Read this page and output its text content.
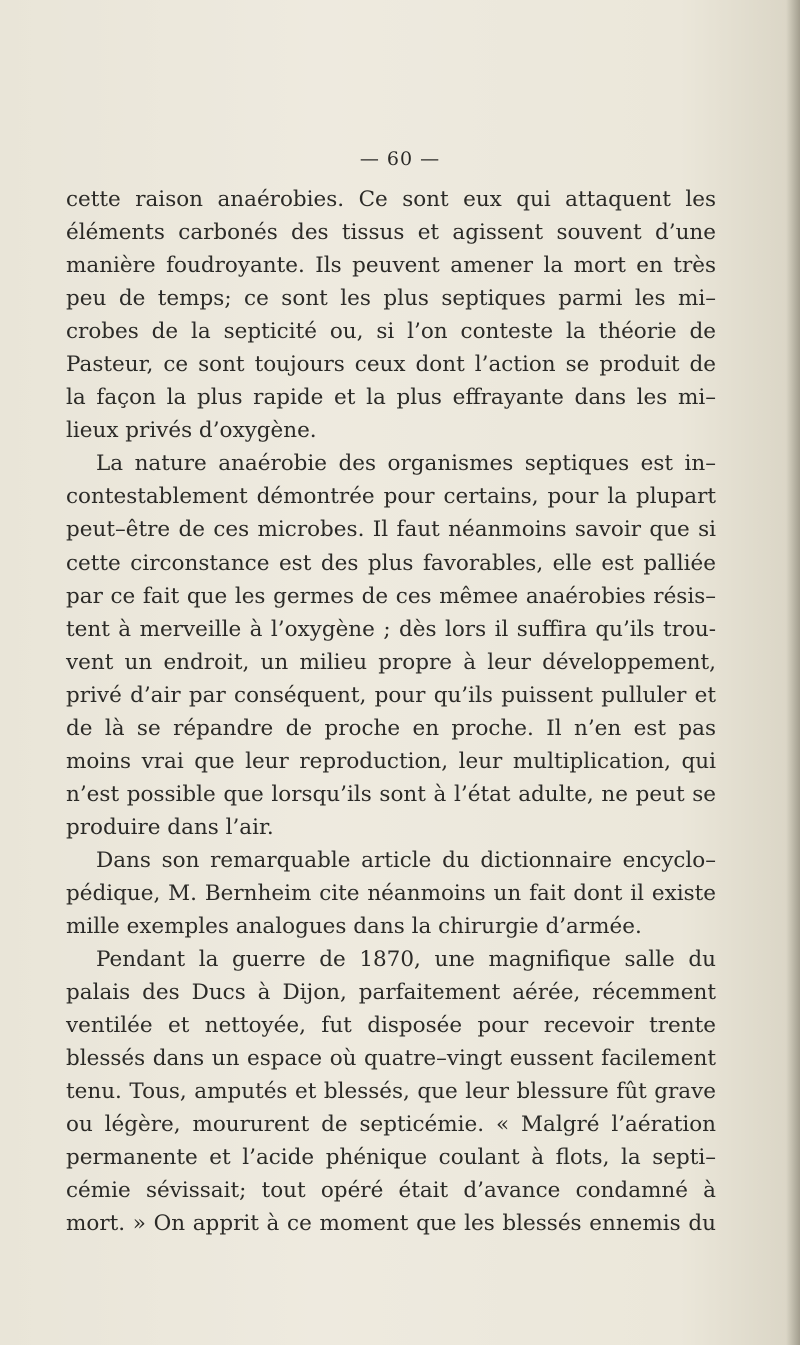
— 60 —
cette raison anaérobies. Ce sont eux qui attaquent les
éléments carbonés des tissus et agissent souvent d’une
manière foudroyante. Ils peuvent amener la mort en très
peu de temps; ce sont les plus septiques parmi les mi–
crobes de la septicité ou, si l’on conteste la théorie de
Pasteur, ce sont toujours ceux dont l’action se produit de
la façon la plus rapide et la plus effrayante dans les mi–
lieux privés d’oxygène.
La nature anaérobie des organismes septiques est in–
contestablement démontrée pour certains, pour la plupart
peut–être de ces microbes. Il faut néanmoins savoir que si
cette circonstance est des plus favorables, elle est palliée
par ce fait que les germes de ces mêmee anaérobies résis–
tent à merveille à l’oxygène ; dès lors il suffira qu’ils trou-
vent un endroit, un milieu propre à leur développement,
privé d’air par conséquent, pour qu’ils puissent pulluler et
de là se répandre de proche en proche. Il n’en est pas
moins vrai que leur reproduction, leur multiplication, qui
n’est possible que lorsqu’ils sont à l’état adulte, ne peut se
produire dans l’air.
Dans son remarquable article du dictionnaire encyclo–
pédique, M. Bernheim cite néanmoins un fait dont il existe
mille exemples analogues dans la chirurgie d’armée.
Pendant la guerre de 1870, une magnifique salle du
palais des Ducs à Dijon, parfaitement aérée, récemment
ventilée et nettoyée, fut disposée pour recevoir trente
blessés dans un espace où quatre–vingt eussent facilement
tenu. Tous, amputés et blessés, que leur blessure fût grave
ou légère, moururent de septicémie. « Malgré l’aération
permanente et l’acide phénique coulant à flots, la septi–
cémie sévissait; tout opéré était d’avance condamné à
mort. » On apprit à ce moment que les blessés ennemis du
